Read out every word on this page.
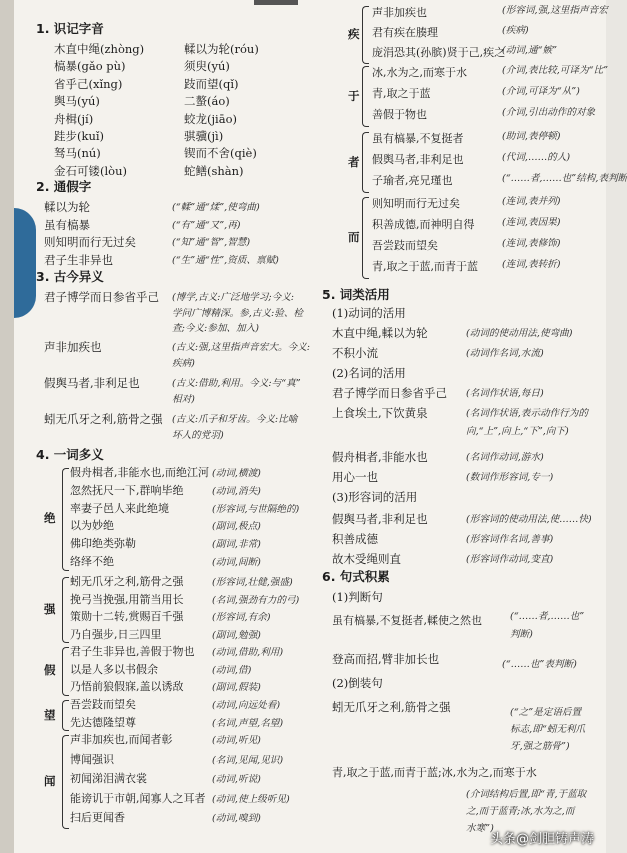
1. 识记字音
木直中绳(zhòng)	輮以为轮(róu)
槁暴(gǎo pù)	须臾(yú)
省乎己(xǐng)	跂而望(qǐ)
舆马(yú)	二螯(áo)
舟楫(jí)	蛟龙(jiāo)
跬步(kuǐ)	骐骥(jì)
驽马(nú)	锲而不舍(qiè)
金石可镂(lòu)	蛇鳝(shàn)
2. 通假字
輮以为轮	(“輮”通“煣”,使弯曲)
虽有槁暴	(“有”通“又”,再)
则知明而行无过矣	(“知”通“智”,智慧)
君子生非异也	(“生”通“性”,资质、禀赋)
3. 古今异义
君子博学而日参省乎己 (博学,古义:广泛地学习;今义:
学问广博精深。参,古义:验、检
查;今义:参加、加入)
声非加疾也	(古义:强,这里指声音宏大。今义:
疾病)
假舆马者,非利足也	(古义:借助,利用。今义:与“真”
相对)
蚓无爪牙之利,筋骨之强 (古义:爪子和牙齿。今义:比喻
坏人的党羽)
4. 一词多义
绝
假舟楫者,非能水也,而绝江河 (动词,横渡)
忽然抚尺一下,群响毕绝	(动词,消失)
率妻子邑人来此绝境	(形容词,与世隔绝的)
以为妙绝	(副词,极点)
佛印绝类弥勒	(副词,非常)
络绎不绝	(动词,间断)
强
蚓无爪牙之利,筋骨之强	(形容词,壮健,强盛)
挽弓当挽强,用箭当用长	(名词,强劲有力的弓)
策勋十二转,赏赐百千强	(形容词,有余)
乃自强步,日三四里	(副词,勉强)
假
君子生非异也,善假于物也 (动词,借助,利用)
以是人多以书假余	(动词,借)
乃悟前狼假寐,盖以诱敌	(副词,假装)
望
吾尝跂而望矣	(动词,向远处看)
先达德隆望尊	(名词,声望,名望)
闻
声非加疾也,而闻者彰	(动词,听见)
博闻强识	(名词,见闻,见识)
初闻涕泪满衣裳	(动词,听说)
能谤讥于市朝,闻寡人之耳者 (动词,使上级听见)
扫后更闻香	(动词,嗅到)
疾
声非加疾也	(形容词,强,这里指声音宏
君有疾在腠理	(疾病)
庞涓恐其(孙膑)贤于己,疾之
(动词,通“嫉”
于
冰,水为之,而寒于水	(介词,表比较,可译为“比”
青,取之于蓝	(介词,可译为“从”)
善假于物也	(介词,引出动作的对象
者
虽有槁暴,不复挺者	(助词,表停顿)
假舆马者,非利足也	(代词,……的人)
子瑜者,亮兄瑾也	(“……者,……也”结构,表判断
而
则知明而行无过矣	(连词,表并列)
积善成德,而神明自得	(连词,表因果)
吾尝跂而望矣	(连词,表修饰)
青,取之于蓝,而青于蓝	(连词,表转折)
5. 词类活用
(1)动词的活用
木直中绳,輮以为轮	(动词的使动用法,使弯曲)
不积小流	(动词作名词,水流)
(2)名词的活用
君子博学而日参省乎己 (名词作状语,每日)
上食埃土,下饮黄泉	(名词作状语,表示动作行为的
向,“上”,向上,“下”,向下)
假舟楫者,非能水也	(名词作动词,游水)
用心一也	(数词作形容词,专一)
(3)形容词的活用
假舆马者,非利足也	(形容词的使动用法,使……快)
积善成德	(形容词作名词,善事)
故木受绳则直	(形容词作动词,变直)
6. 句式积累
(1)判断句
虽有槁暴,不复挺者,輮使之然也	(“……者,……也”
判断)
登高而招,臂非加长也	(“……也”表判断)
(2)倒装句
蚓无爪牙之利,筋骨之强	(“之”是定语后置
标志,即“蚓无利爪
牙,强之筋骨”)
青,取之于蓝,而青于蓝;冰,水为之,而寒于水
(介词结构后置,即“青,于蓝取
之,而于蓝青;冰,水为之,而
水寒”)
头条@剑胆铸声涛
